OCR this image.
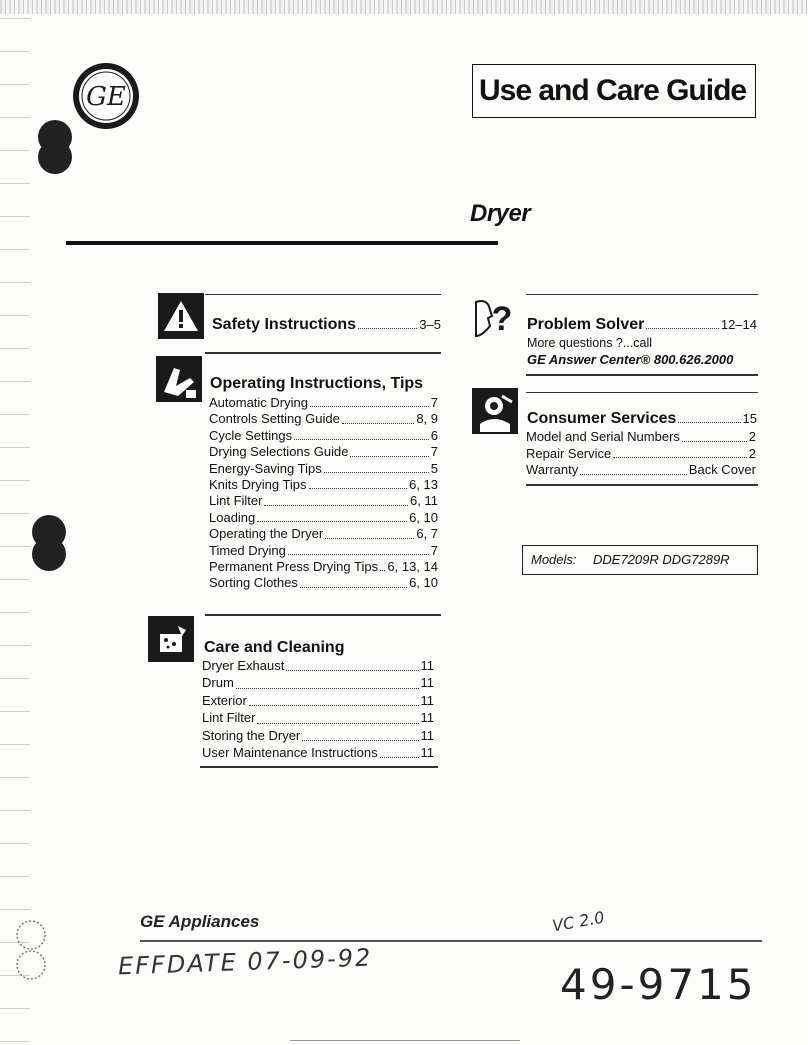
GE	Use and Care Guide
Dryer
Safety Instructions	3–5
Operating Instructions, Tips
Automatic Drying	7
Controls Setting Guide	8, 9
Cycle Settings	6
Drying Selections Guide	7
Energy-Saving Tips	5
Knits Drying Tips	6, 13
Lint Filter	6, 11
Loading	6, 10
Operating the Dryer	6, 7
Timed Drying	7
Permanent Press Drying Tips 6, 13, 14
Sorting Clothes	6, 10
Care and Cleaning
Dryer Exhaust	11
Drum	11
Exterior	11
Lint Filter	11
Storing the Dryer	11
User Maintenance Instructions	11
? Problem Solver	12–14
More questions ?...call
GE Answer Center® 800.626.2000
Consumer Services	15
Model and Serial Numbers	2
Repair Service	2
Warranty	Back Cover
Models: DDE7209R DDG7289R
GE Appliances
EFFDATE 07-09-92
VC 2.0
49-9715
